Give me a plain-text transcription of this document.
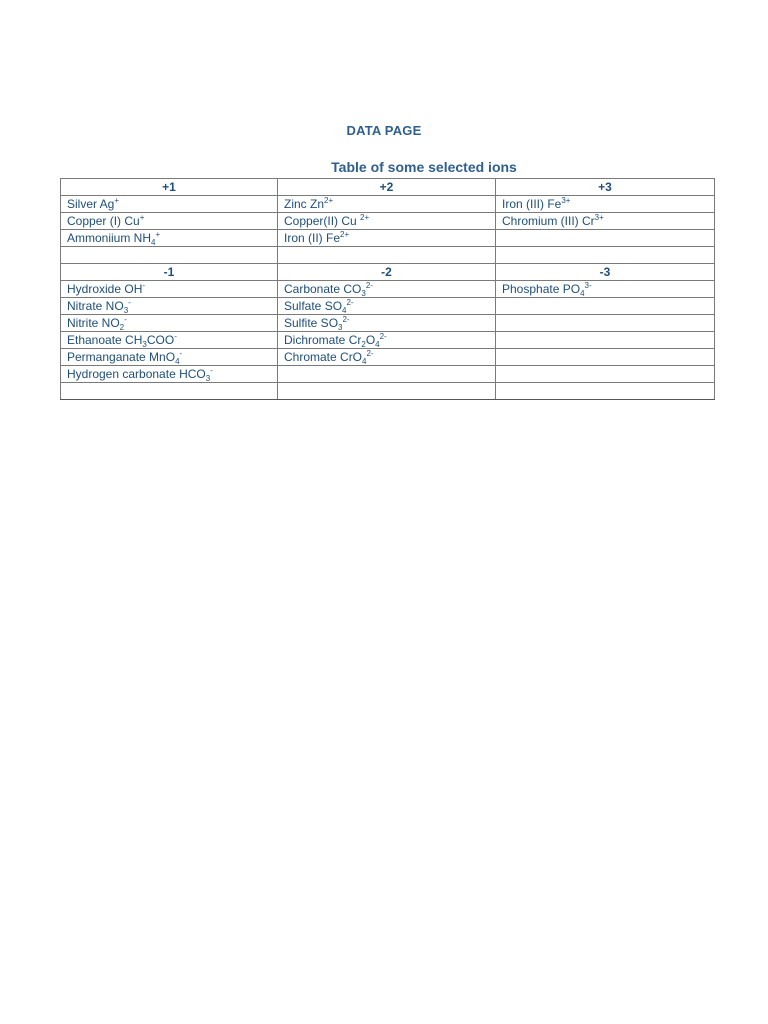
DATA PAGE
Table of some selected ions
+1	+2	+3
Silver Ag+	Zinc $Zn^{2+}$	Iron (III) $Fe^{3+}$
Copper (I) Cu+	Copper(II) Cu $^{2+}$	Chromium (III) $Cr^{3+}$
Ammoniium $NH_4^+$	Iron (II) $Fe^{2+}$	

-1	-2	-3
Hydroxide OH-	Carbonate $CO_3^{2-}$	Phosphate $PO_4^{3-}$
Nitrate $NO_3^-$	Sulfate $SO_4^{2-}$	
Nitrite $NO_2^-$	Sulfite $SO_3^{2-}$	
Ethanoate $CH_3COO^-$	Dichromate $Cr_2O_4^{2-}$	
Permanganate MnO$_4$-	Chromate CrO$_4^{2-}$	
Hydrogen carbonate $HCO_3^-$		
